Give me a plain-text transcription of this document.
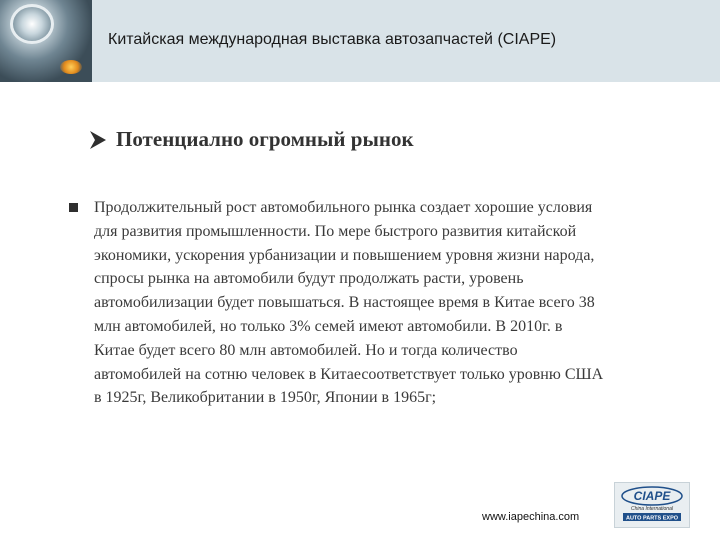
Китайская международная выставка автозапчастей (CIAPE)
Потенциално огромный рынок
Продолжительный рост автомобильного рынка создает хорошие условия
для развития промышленности. По мере быстрого развития китайской
экономики, ускорения урбанизации и повышением уровня жизни народа,
спросы рынка на автомобили будут продолжать расти, уровень
автомобилизации будет повышаться. В настоящее время в Китае всего 38
млн автомобилей, но только 3% семей имеют автомобили. В 2010г. в
Китае будет всего 80 млн автомобилей. Но и тогда количество
автомобилей на сотню человек в Китаесоответствует только уровню США
в 1925г, Великобритании в 1950г, Японии в 1965г;
www.iapechina.com
CIAPE
China International
AUTO PARTS EXPO
